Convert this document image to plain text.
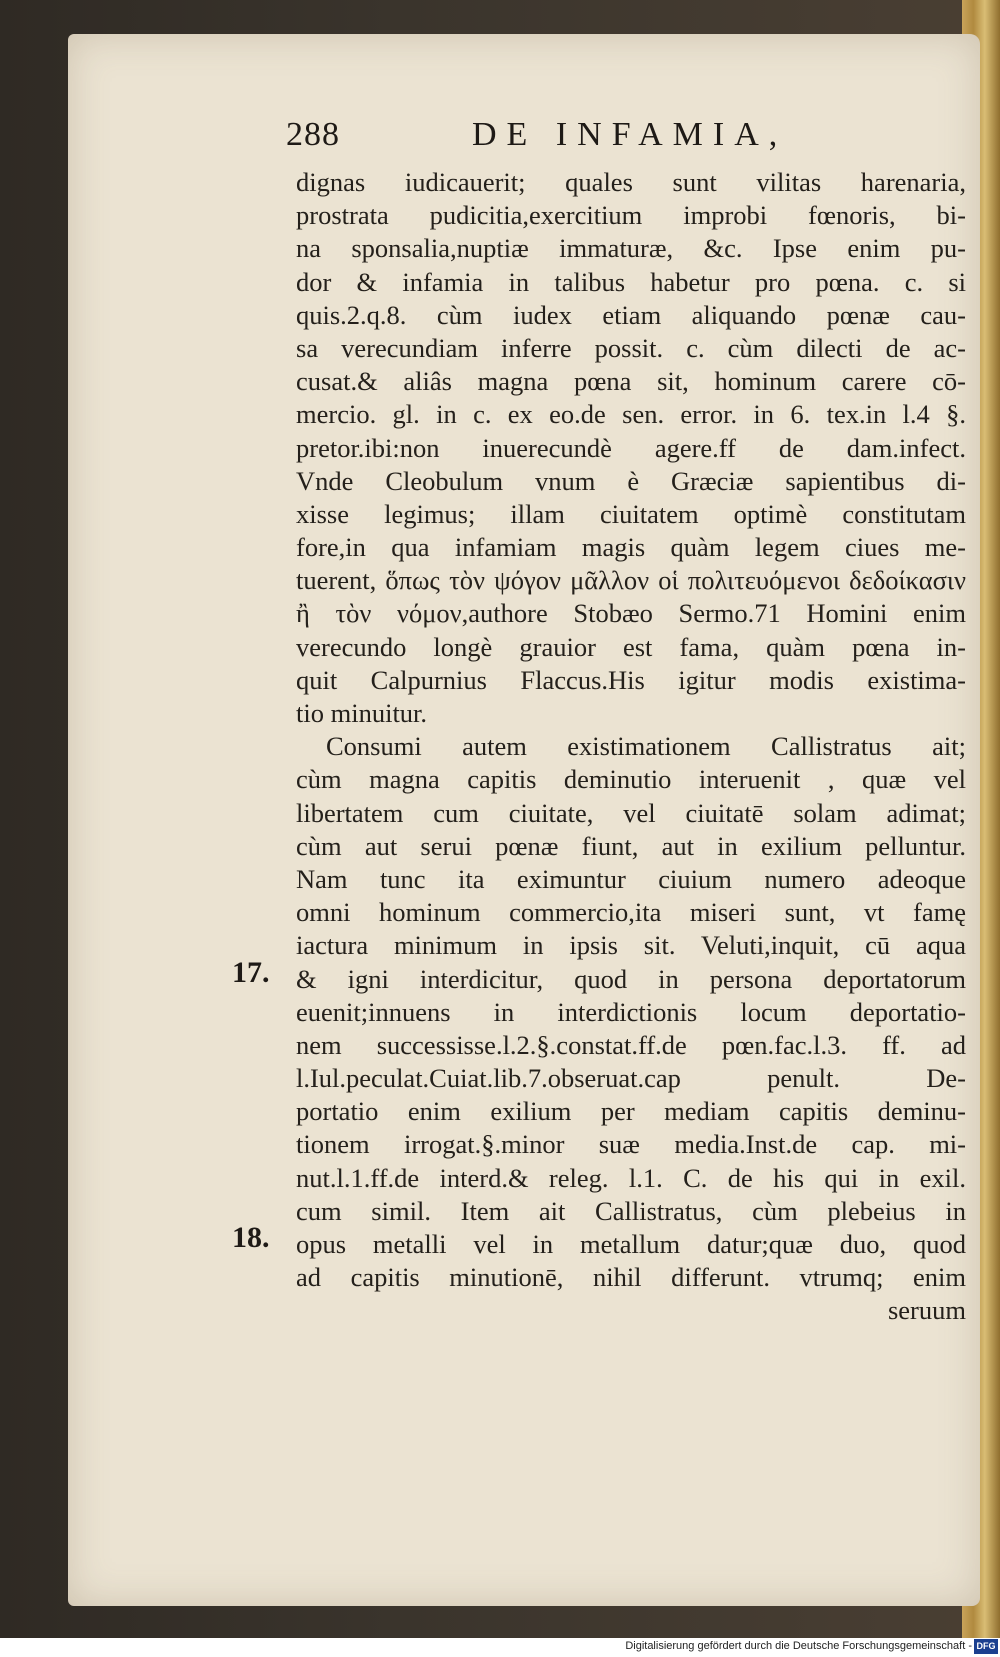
288	DE INFAMIA,
dignas iudicauerit; quales sunt vilitas harenaria,
prostrata pudicitia,exercitium improbi fœnoris, bi-
na sponsalia,nuptiæ immaturæ, &c. Ipse enim pu-
dor & infamia in talibus habetur pro pœna. c. si
quis.2.q.8. cùm iudex etiam aliquando pœnæ cau-
sa verecundiam inferre possit. c. cùm dilecti de ac-
cusat.& aliâs magna pœna sit, hominum carere cō-
mercio. gl. in c. ex eo.de sen. error. in 6. tex.in l.4 §.
pretor.ibi:non inuerecundè agere.ff de dam.infect.
Vnde Cleobulum vnum è Græciæ sapientibus di-
xisse legimus; illam ciuitatem optimè constitutam
fore,in qua infamiam magis quàm legem ciues me-
tuerent, ὅπως τὸν ψόγον μᾶλλον οἱ πολιτευόμενοι δεδοίκασιν
ἢ τὸν νόμον,authore Stobæo Sermo.71 Homini enim
verecundo longè grauior est fama, quàm pœna in-
quit Calpurnius Flaccus.His igitur modis existima-
tio minuitur.
Consumi autem existimationem Callistratus ait;
cùm magna capitis deminutio interuenit , quæ vel
libertatem cum ciuitate, vel ciuitatē solam adimat;
cùm aut serui pœnæ fiunt, aut in exilium pelluntur.
Nam tunc ita eximuntur ciuium numero adeoque
omni hominum commercio,ita miseri sunt, vt famę
iactura minimum in ipsis sit. Veluti,inquit, cū aqua
& igni interdicitur, quod in persona deportatorum
euenit;innuens in interdictionis locum deportatio-
nem successisse.l.2.§.constat.ff.de pœn.fac.l.3. ff. ad
l.Iul.peculat.Cuiat.lib.7.obseruat.cap penult. De-
portatio enim exilium per mediam capitis deminu-
tionem irrogat.§.minor suæ media.Inst.de cap. mi-
nut.l.1.ff.de interd.& releg. l.1. C. de his qui in exil.
cum simil. Item ait Callistratus, cùm plebeius in
opus metalli vel in metallum datur;quæ duo, quod
ad capitis minutionē, nihil differunt. vtrumq; enim
seruum
17.
18.
Digitalisierung gefördert durch die Deutsche Forschungsgemeinschaft - DFG
